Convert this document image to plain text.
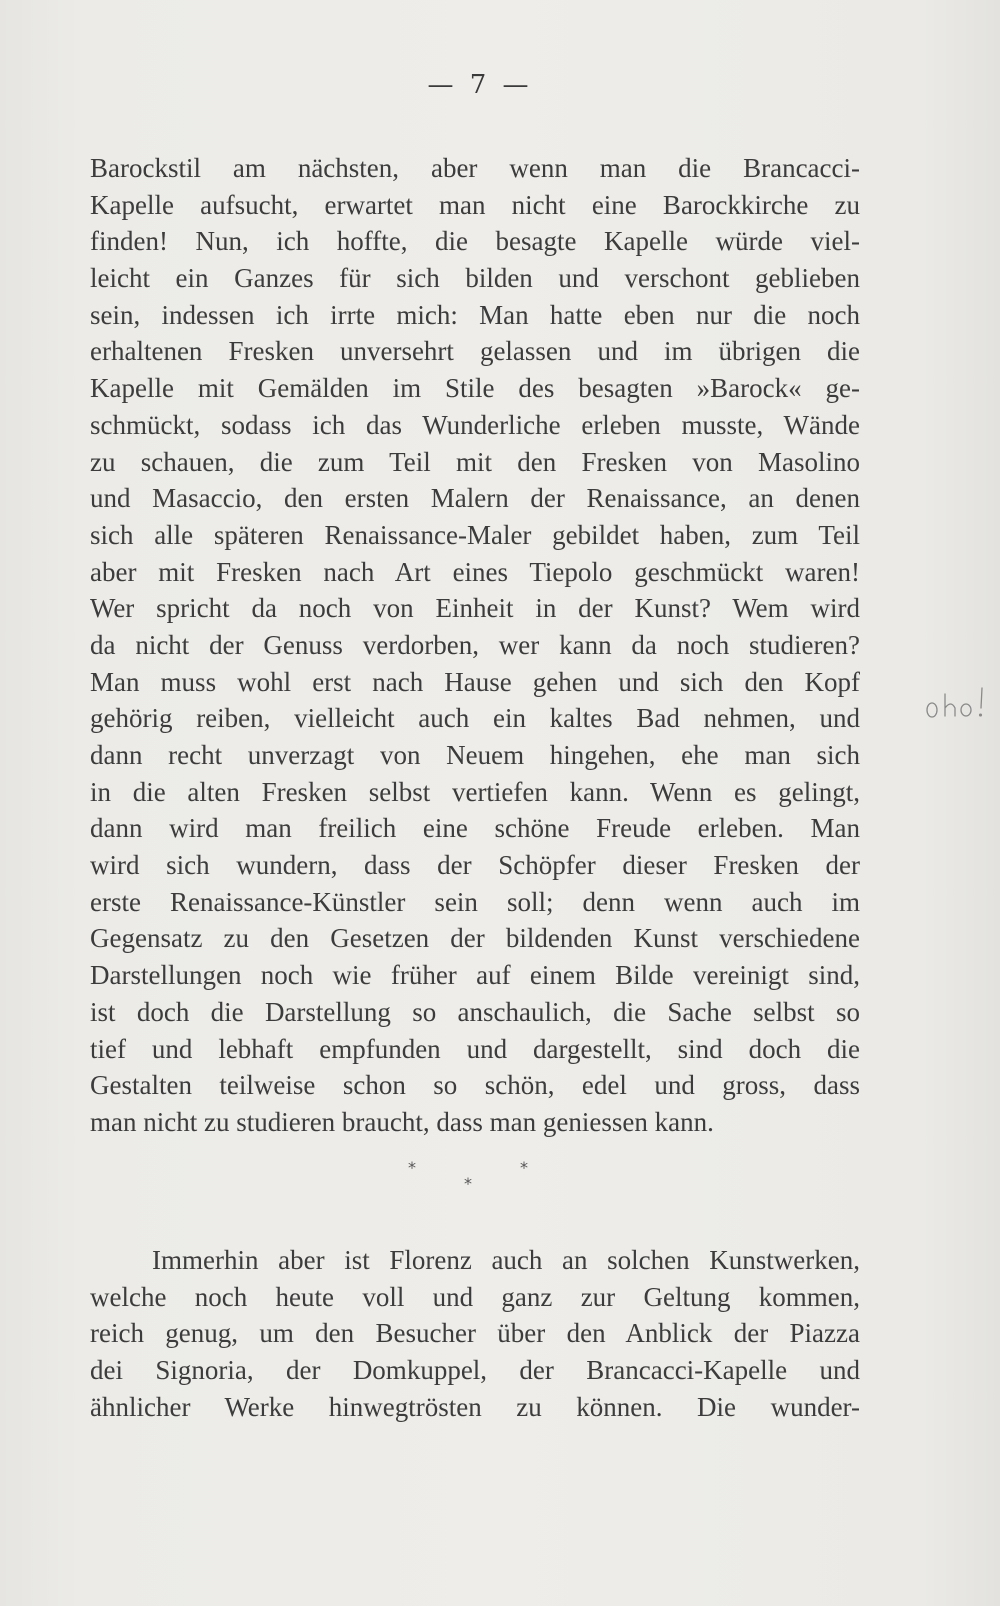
— 7 —
Barockstil am nächsten, aber wenn man die Brancacci-
Kapelle aufsucht, erwartet man nicht eine Barockkirche zu
finden! Nun, ich hoffte, die besagte Kapelle würde viel-
leicht ein Ganzes für sich bilden und verschont geblieben
sein, indessen ich irrte mich: Man hatte eben nur die noch
erhaltenen Fresken unversehrt gelassen und im übrigen die
Kapelle mit Gemälden im Stile des besagten »Barock« ge-
schmückt, sodass ich das Wunderliche erleben musste, Wände
zu schauen, die zum Teil mit den Fresken von Masolino
und Masaccio, den ersten Malern der Renaissance, an denen
sich alle späteren Renaissance-Maler gebildet haben, zum Teil
aber mit Fresken nach Art eines Tiepolo geschmückt waren!
Wer spricht da noch von Einheit in der Kunst? Wem wird
da nicht der Genuss verdorben, wer kann da noch studieren?
Man muss wohl erst nach Hause gehen und sich den Kopf
gehörig reiben, vielleicht auch ein kaltes Bad nehmen, und
dann recht unverzagt von Neuem hingehen, ehe man sich
in die alten Fresken selbst vertiefen kann. Wenn es gelingt,
dann wird man freilich eine schöne Freude erleben. Man
wird sich wundern, dass der Schöpfer dieser Fresken der
erste Renaissance-Künstler sein soll; denn wenn auch im
Gegensatz zu den Gesetzen der bildenden Kunst verschiedene
Darstellungen noch wie früher auf einem Bilde vereinigt sind,
ist doch die Darstellung so anschaulich, die Sache selbst so
tief und lebhaft empfunden und dargestellt, sind doch die
Gestalten teilweise schon so schön, edel und gross, dass
man nicht zu studieren braucht, dass man geniessen kann.
*
*
*
Immerhin aber ist Florenz auch an solchen Kunstwerken,
welche noch heute voll und ganz zur Geltung kommen,
reich genug, um den Besucher über den Anblick der Piazza
dei Signoria, der Domkuppel, der Brancacci-Kapelle und
ähnlicher Werke hinwegtrösten zu können. Die wunder-
